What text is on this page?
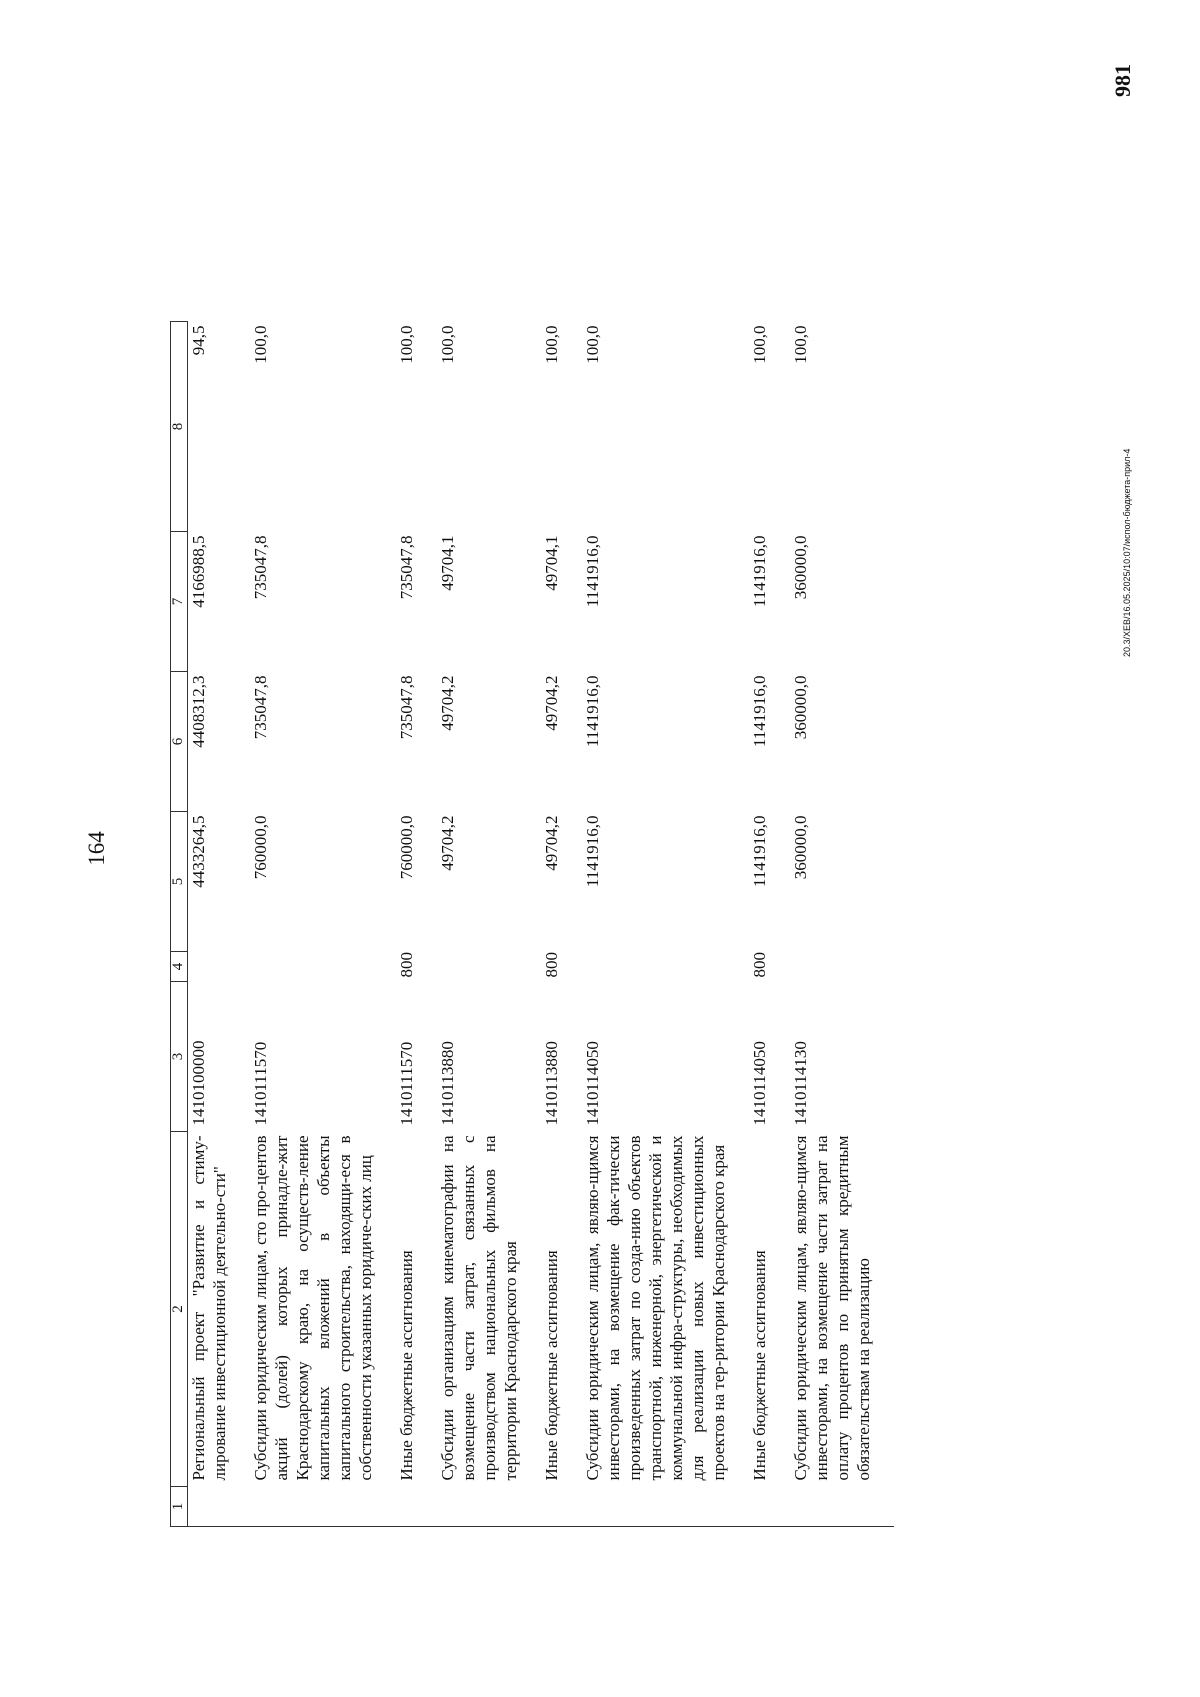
164
1	2	3	4	5	6	7	8
	Региональный проект "Развитие и стиму-лирование инвестиционной деятельно-сти"	1410100000		4433264,5	4408312,3	4166988,5	94,5
	Субсидии юридическим лицам, сто про-центов акций (долей) которых принадле-жит Краснодарскому краю, на осуществ-ление капитальных вложений в объекты капитального строительства, находящи-еся в собственности указанных юридиче-ских лиц	1410111570		760000,0	735047,8	735047,8	100,0
	Иные бюджетные ассигнования	1410111570	800	760000,0	735047,8	735047,8	100,0
	Субсидии организациям кинематографии на возмещение части затрат, связанных с производством национальных фильмов на территории Краснодарского края	1410113880		49704,2	49704,2	49704,1	100,0
	Иные бюджетные ассигнования	1410113880	800	49704,2	49704,2	49704,1	100,0
	Субсидии юридическим лицам, являю-щимся инвесторами, на возмещение фак-тически произведенных затрат по созда-нию объектов транспортной, инженерной, энергетической и коммунальной инфра-структуры, необходимых для реализации новых инвестиционных проектов на тер-ритории Краснодарского края	1410114050		1141916,0	1141916,0	1141916,0	100,0
	Иные бюджетные ассигнования	1410114050	800	1141916,0	1141916,0	1141916,0	100,0
	Субсидии юридическим лицам, являю-щимся инвесторами, на возмещение части затрат на оплату процентов по принятым кредитным обязательствам на реализацию	1410114130		360000,0	360000,0	360000,0	100,0
20.3/XEB/16.05.2025/10:07/испол-бюджета-прил-4
981
